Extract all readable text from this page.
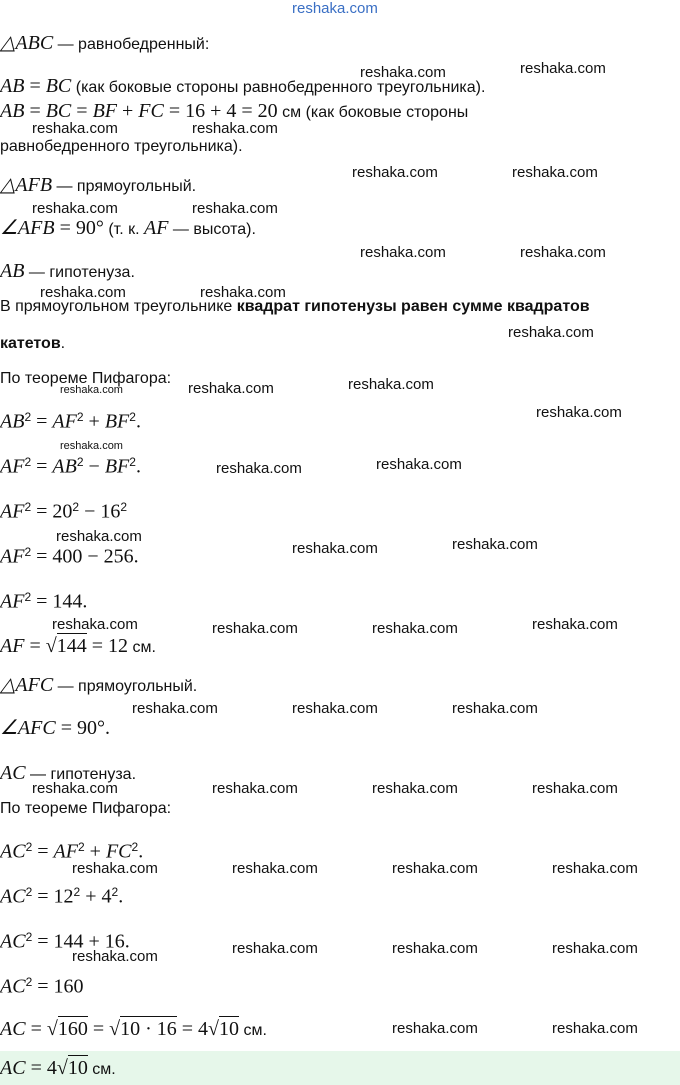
reshaka.com
△ABC — равнобедренный:
AB = BC (как боковые стороны равнобедренного треугольника).
AB = BC = BF + FC = 16 + 4 = 20 см (как боковые стороны
равнобедренного треугольника).
△AFB — прямоугольный.
∠AFB = 90° (т. к. AF — высота).
AB — гипотенуза.
В прямоугольном треугольнике квадрат гипотенузы равен сумме квадратов
катетов.
По теореме Пифагора:
$AB^2 = AF^2 + BF^2$.
$AF^2 = AB^2 - BF^2$.
$AF^2 = 20^2 - 16^2$
$AF^2 = 400 - 256$.
$AF^2 = 144$.
AF = √144 = 12 см.
△AFC — прямоугольный.
∠AFC = 90°.
AC — гипотенуза.
По теореме Пифагора:
$AC^2 = AF^2 + FC^2$.
$AC^2 = 12^2 + 4^2$.
$AC^2 = 144 + 16$.
$AC^2 = 160$
AC = √160 = √10 · 16 = 4√10 см.
AC = 4√10 см.
reshaka.com	reshaka.com
reshaka.com	reshaka.com
reshaka.com	reshaka.com
reshaka.com	reshaka.com
reshaka.com	reshaka.com
reshaka.com	reshaka.com
reshaka.com
reshaka.com	reshaka.com	reshaka.com
reshaka.com
reshaka.com
reshaka.com	reshaka.com
reshaka.com
reshaka.com	reshaka.com
reshaka.com	reshaka.com	reshaka.com	reshaka.com
reshaka.com	reshaka.com	reshaka.com
reshaka.com	reshaka.com	reshaka.com	reshaka.com
reshaka.com	reshaka.com	reshaka.com	reshaka.com
reshaka.com	reshaka.com	reshaka.com	reshaka.com
reshaka.com	reshaka.com
